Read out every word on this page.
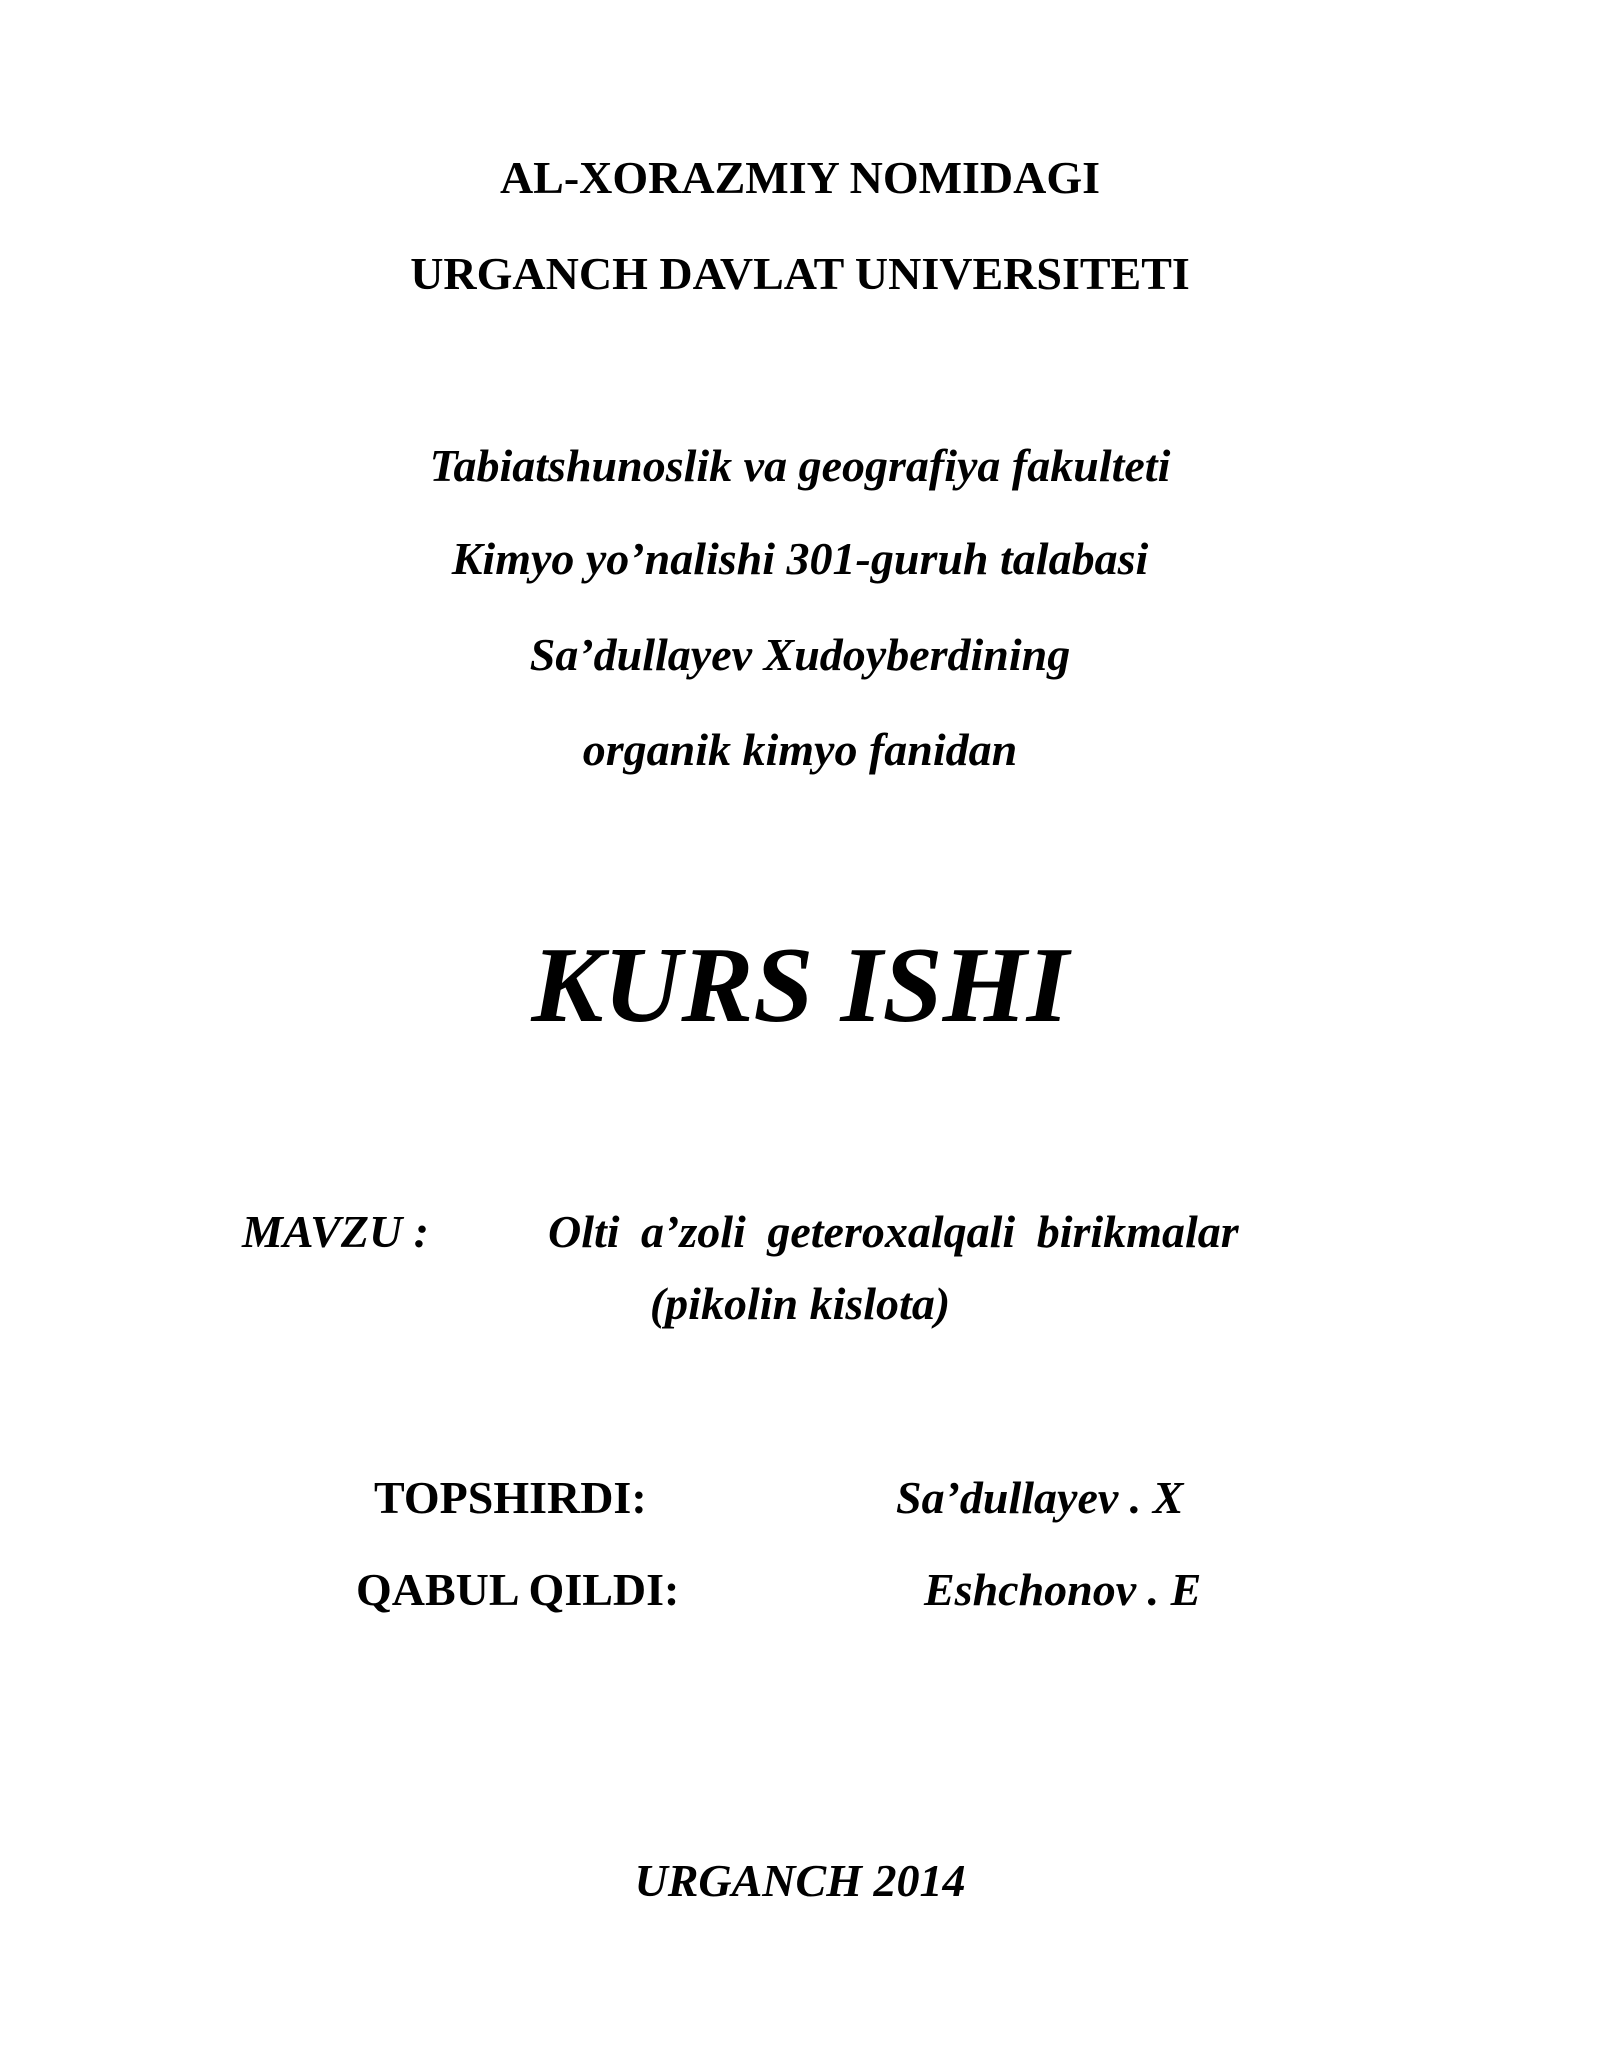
AL-XORAZMIY NOMIDAGI
URGANCH DAVLAT UNIVERSITETI
Tabiatshunoslik va geografiya fakulteti
Kimyo yo’nalishi 301-guruh talabasi
Sa’dullayev Xudoyberdining
organik kimyo fanidan
KURS ISHI
MAVZU :	Olti a’zoli geteroxalqali birikmalar
(pikolin kislota)
TOPSHIRDI:	Sa’dullayev . X
QABUL QILDI:	Eshchonov . E
URGANCH 2014
